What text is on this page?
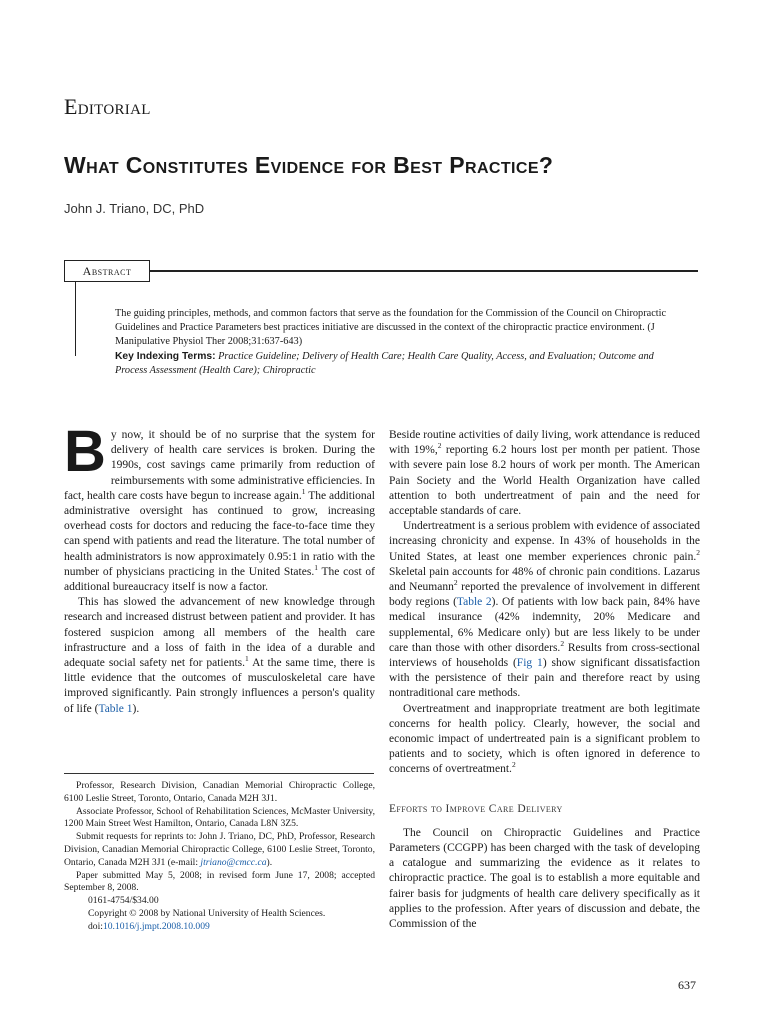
Editorial
What Constitutes Evidence for Best Practice?
John J. Triano, DC, PhD
Abstract
The guiding principles, methods, and common factors that serve as the foundation for the Commission of the Council on Chiropractic Guidelines and Practice Parameters best practices initiative are discussed in the context of the chiropractic practice environment. (J Manipulative Physiol Ther 2008;31:637-643)
Key Indexing Terms: Practice Guideline; Delivery of Health Care; Health Care Quality, Access, and Evaluation; Outcome and Process Assessment (Health Care); Chiropractic

By now, it should be of no surprise that the system for delivery of health care services is broken. During the 1990s, cost savings came primarily from reduction of reimbursements with some administrative efficiencies. In fact, health care costs have begun to increase again.$^1$ The additional administrative oversight has continued to grow, increasing overhead costs for doctors and reducing the face-to-face time they can spend with patients and read the literature. The total number of health administrators is now approximately 0.95:1 in ratio with the number of physicians practicing in the United States.$^1$ The cost of additional bureaucracy itself is now a factor.

This has slowed the advancement of new knowledge through research and increased distrust between patient and provider. It has fostered suspicion among all members of the health care infrastructure and a loss of faith in the idea of a durable and adequate social safety net for patients.$^1$ At the same time, there is little evidence that the outcomes of musculoskeletal care have improved significantly. Pain strongly influences a person's quality of life (Table 1).

Professor, Research Division, Canadian Memorial Chiropractic College, 6100 Leslie Street, Toronto, Ontario, Canada M2H 3J1.

Associate Professor, School of Rehabilitation Sciences, McMaster University, 1200 Main Street West Hamilton, Ontario, Canada L8N 3Z5.

Submit requests for reprints to: John J. Triano, DC, PhD, Professor, Research Division, Canadian Memorial Chiropractic College, 6100 Leslie Street, Toronto, Ontario, Canada M2H 3J1 (e-mail: jtriano@cmcc.ca).

Paper submitted May 5, 2008; in revised form June 17, 2008; accepted September 8, 2008.

0161-4754/$34.00

Copyright © 2008 by National University of Health Sciences.

doi:10.1016/j.jmpt.2008.10.009

Beside routine activities of daily living, work attendance is reduced with 19%,$^2$ reporting 6.2 hours lost per month per patient. Those with severe pain lose 8.2 hours of work per month. The American Pain Society and the World Health Organization have called attention to both undertreatment of pain and the need for acceptable standards of care.

Undertreatment is a serious problem with evidence of associated increasing chronicity and expense. In 43% of households in the United States, at least one member experiences chronic pain.$^2$ Skeletal pain accounts for 48% of chronic pain conditions. Lazarus and Neumann$^2$ reported the prevalence of involvement in different body regions (Table 2). Of patients with low back pain, 84% have medical insurance (42% indemnity, 20% Medicare and supplemental, 6% Medicare only) but are less likely to be under care than those with other disorders.$^2$ Results from cross-sectional interviews of households (Fig 1) show significant dissatisfaction with the persistence of their pain and therefore react by using nontraditional care methods.

Overtreatment and inappropriate treatment are both legitimate concerns for health policy. Clearly, however, the social and economic impact of undertreated pain is a significant problem to patients and to society, which is often ignored in deference to concerns of overtreatment.$^2$

Efforts to Improve Care Delivery

The Council on Chiropractic Guidelines and Practice Parameters (CCGPP) has been charged with the task of developing a catalogue and summarizing the evidence as it relates to chiropractic practice. The goal is to establish a more equitable and fairer basis for judgments of health care delivery specifically as it applies to the profession. After years of discussion and debate, the Commission of the

637
